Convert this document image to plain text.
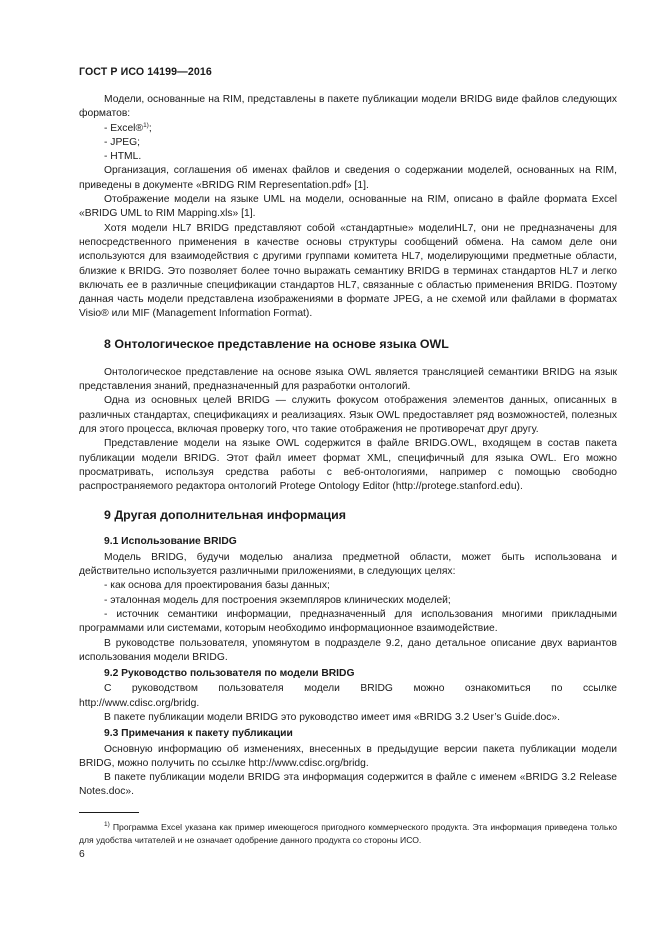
ГОСТ Р ИСО 14199—2016

Модели, основанные на RIM, представлены в пакете публикации модели BRIDG виде файлов следующих форматов:

- Excel®$^{1)}$;
- JPEG;
- HTML.

Организация, соглашения об именах файлов и сведения о содержании моделей, основанных на RIM, приведены в документе «BRIDG RIM Representation.pdf» [1].

Отображение модели на языке UML на модели, основанные на RIM, описано в файле формата Excel «BRIDG UML to RIM Mapping.xls» [1].

Хотя модели HL7 BRIDG представляют собой «стандартные» моделиHL7, они не предназначены для непосредственного применения в качестве основы структуры сообщений обмена. На самом деле они используются для взаимодействия с другими группами комитета HL7, моделирующими предметные области, близкие к BRIDG. Это позволяет более точно выражать семантику BRIDG в терминах стандартов HL7 и легко включать ее в различные спецификации стандартов HL7, связанные с областью применения BRIDG. Поэтому данная часть модели представлена изображениями в формате JPEG, а не схемой или файлами в форматах Visio® или MIF (Management Information Format).

8 Онтологическое представление на основе языка OWL

Онтологическое представление на основе языка OWL является трансляцией семантики BRIDG на язык представления знаний, предназначенный для разработки онтологий.

Одна из основных целей BRIDG — служить фокусом отображения элементов данных, описанных в различных стандартах, спецификациях и реализациях. Язык OWL предоставляет ряд возможностей, полезных для этого процесса, включая проверку того, что такие отображения не противоречат друг другу.

Представление модели на языке OWL содержится в файле BRIDG.OWL, входящем в состав пакета публикации модели BRIDG. Этот файл имеет формат XML, специфичный для языка OWL. Его можно просматривать, используя средства работы с веб-онтологиями, например с помощью свободно распространяемого редактора онтологий Protege Ontology Editor (http://protege.stanford.edu).

9 Другая дополнительная информация
9.1 Использование BRIDG

Модель BRIDG, будучи моделью анализа предметной области, может быть использована и действительно используется различными приложениями, в следующих целях:

- как основа для проектирования базы данных;
- эталонная модель для построения экземпляров клинических моделей;
- источник семантики информации, предназначенный для использования многими прикладными программами или системами, которым необходимо информационное взаимодействие.

В руководстве пользователя, упомянутом в подразделе 9.2, дано детальное описание двух вариантов использования модели BRIDG.

9.2 Руководство пользователя по модели BRIDG
С руководством пользователя модели BRIDG можно ознакомиться по ссылке
http://www.cdisc.org/bridg.

В пакете публикации модели BRIDG это руководство имеет имя «BRIDG 3.2 User’s Guide.doc».

9.3 Примечания к пакету публикации

Основную информацию об изменениях, внесенных в предыдущие версии пакета публикации модели BRIDG, можно получить по ссылке http://www.cdisc.org/bridg.

В пакете публикации модели BRIDG эта информация содержится в файле с именем «BRIDG 3.2 Release Notes.doc».

$^{1)}$ Программа Excel указана как пример имеющегося пригодного коммерческого продукта. Эта информация приведена только для удобства читателей и не означает одобрение данного продукта со стороны ИСО.
6
